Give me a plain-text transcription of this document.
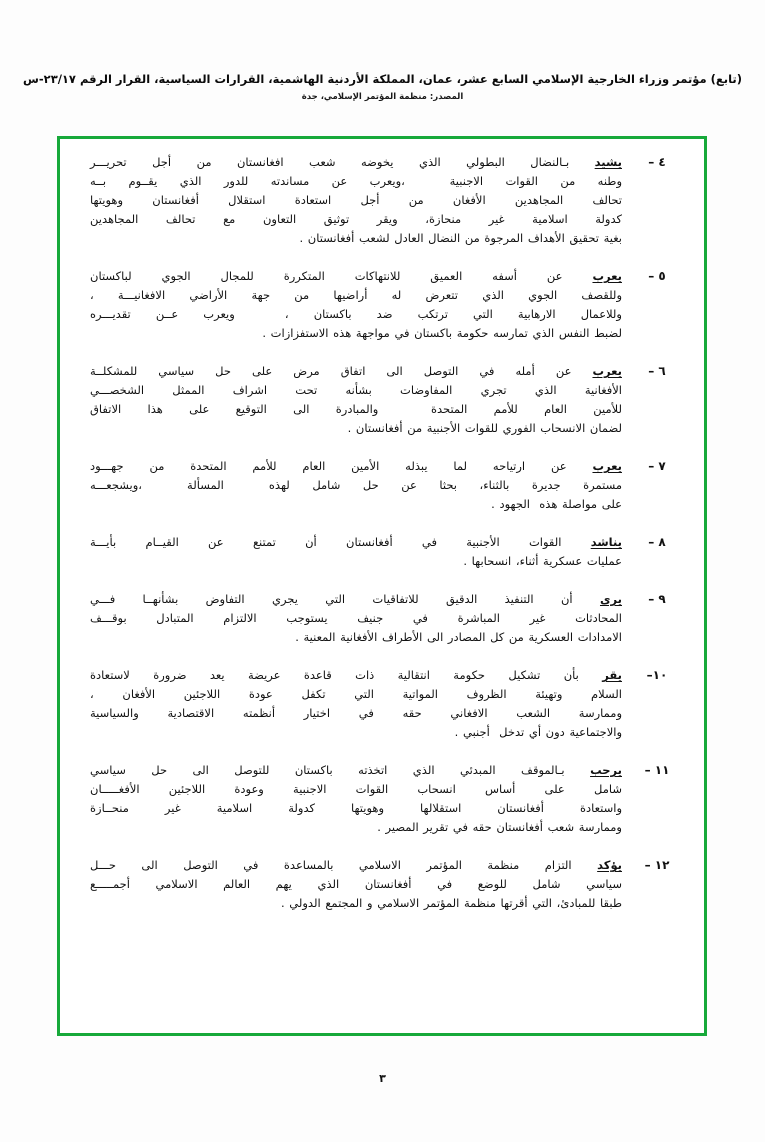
(تابع) مؤتمر وزراء الخارجية الإسلامي السابع عشر، عمان، المملكة الأردنية الهاشمية، القرارات السياسية، القرار الرقم ٢٣/١٧-س
المصدر: منظمة المؤتمر الإسلامي، جدة
٤ –
يشيد بـالنضال البطولي الذي يخوضه شعب افغانستان من أجل تحريـــر
وطنه من القوات الاجنبية  ،ويعرب عن مساندته للدور الذي يقــوم بــه
تحالف المجاهدين الأفغان من أجل استعادة استقلال أفغانستان وهويتها
كدولة اسلامية غير منحازة، ويقر توثيق التعاون مع تحالف المجاهدين
بغية تحقيق الأهداف المرجوة من النضال العادل لشعب أفغانستان .
٥ –
يعرب عن أسفه العميق للانتهاكات المتكررة للمجال الجوي لباكستان
وللقصف الجوي الذي تتعرض له أراضيها من جهة الأراضي الافغانيـــة ،
وللاعمال الارهابية التي ترتكب ضد باكستان ،  ويعرب عــن تقديـــره
لضبط النفس الذي تمارسه حكومة باكستان في مواجهة هذه الاستفزازات .
٦ –
يعرب عن أمله في التوصل الى اتفاق مرض على حل سياسي للمشكلــة
الأفغانية الذي تجري المفاوضات بشأنه تحت اشراف الممثل الشخصـــي
للأمين العام للأمم المتحدة  والمبادرة الى التوقيع على هذا الاتفاق
لضمان الانسحاب الفوري للقوات الأجنبية من أفغانستان .
٧ –
يعرب عن ارتياحه لما يبذله الأمين العام للأمم المتحدة من جهـــود
مستمرة جديرة بالثناء، بحثا عن حل شامل لهذه  المسألة  ،ويشجعـــه
على مواصلة هذه  الجهود .
٨ –
يناشد القوات الأجنبية في أفغانستان أن تمتنع عن القيــام بأيـــة
عمليات عسكرية أثناء، انسحابها .
٩ –
يرى أن التنفيذ الدقيق للاتفاقيات التي يجري التفاوض بشأنهــا فـــي
المحادثات غير المباشرة في جنيف يستوجب الالتزام المتبادل بوقـــف
الامدادات العسكرية من كل المصادر الى الأطراف الأفغانية المعنية .
١٠–
يقر بأن تشكيل حكومة انتقالية ذات قاعدة عريضة يعد ضرورة لاستعادة
السلام وتهيئة الظروف المواتية التي تكفل عودة اللاجئين الأفغان ،
وممارسة الشعب الافغاني حقه في اختيار أنظمته الاقتصادية والسياسية
والاجتماعية دون أي تدخل  أجنبي .
١١ –
يرحب بـالموقف المبدئي الذي اتخذته باكستان للتوصل الى حل سياسي
شامل على أساس انسحاب القوات الاجنبية وعودة اللاجئين الأفغـــــان
واستعادة أفغانستان استقلالها وهويتها كدولة اسلامية غير منحــازة
وممارسة شعب أفغانستان حقه في تقرير المصير .
١٢ –
يؤكد التزام منظمة المؤتمر الاسلامي بالمساعدة في التوصل الى حـــل
سياسي شامل للوضع في أفغانستان الذي يهم العالم الاسلامي أجمـــــع
طبقا للمبادئ، التي أقرتها منظمة المؤتمر الاسلامي و المجتمع الدولي .
٣
